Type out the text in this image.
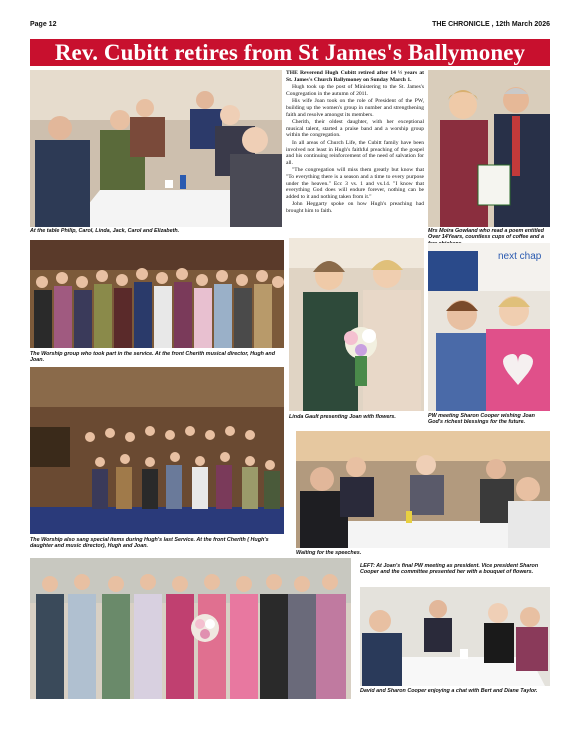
Page 12	THE CHRONICLE , 12th March 2026
Rev. Cubitt retires from St James's Ballymoney
At the table Philip, Carol, Linda, Jack, Carol and Elizabeth.

THE Reverend Hugh Cubitt retired after 14 ½ years at St. James's Church Ballymoney on Sunday March 1.

Hugh took up the post of Ministering to the St. James's Congregation in the autumn of 2011.

His wife Joan took on the role of President of the PW, building up the women's group in number and strengthening faith and resolve amongst its members.

Cherith, their oldest daughter, with her exceptional musical talent, started a praise band and a worship group within the congregation.

In all areas of Church Life, the Cubitt family have been involved not least in Hugh's faithful preaching of the gospel and his continuing reinforcement of the need of salvation for all.

"The congregation will miss them greatly but know that "To everything there is a season and a time to every purpose under the heaven." Ecc 3 vs. 1 and vs.14. "I know that everything God does will endure forever, nothing can be added to it and nothing taken from it."

John Heggarty spoke on how Hugh's preaching had brought him to faith.

Mrs Moira Gowland who read a poem entitled Over 14Years, countless cups of coffee and a
The Worship group who took part in the service. At the front Cherith musical director, Hugh and Joan.
Linda Gault presenting Joan with flowers.
next chap
PW meeting Sharon Cooper wishing Joan God's richest blessings for the future.
The Worship also sang special items during Hugh's last Service. At the front Cherith ( Hugh's daughter and music director), Hugh and Joan.
Waiting for the speeches.
LEFT: At Joan's final PW meeting as president. Vice president Sharon Cooper and the committee presented her with a bouquet of flowers.
David and Sharon Cooper enjoying a chat with Bert and Diane Taylor.
